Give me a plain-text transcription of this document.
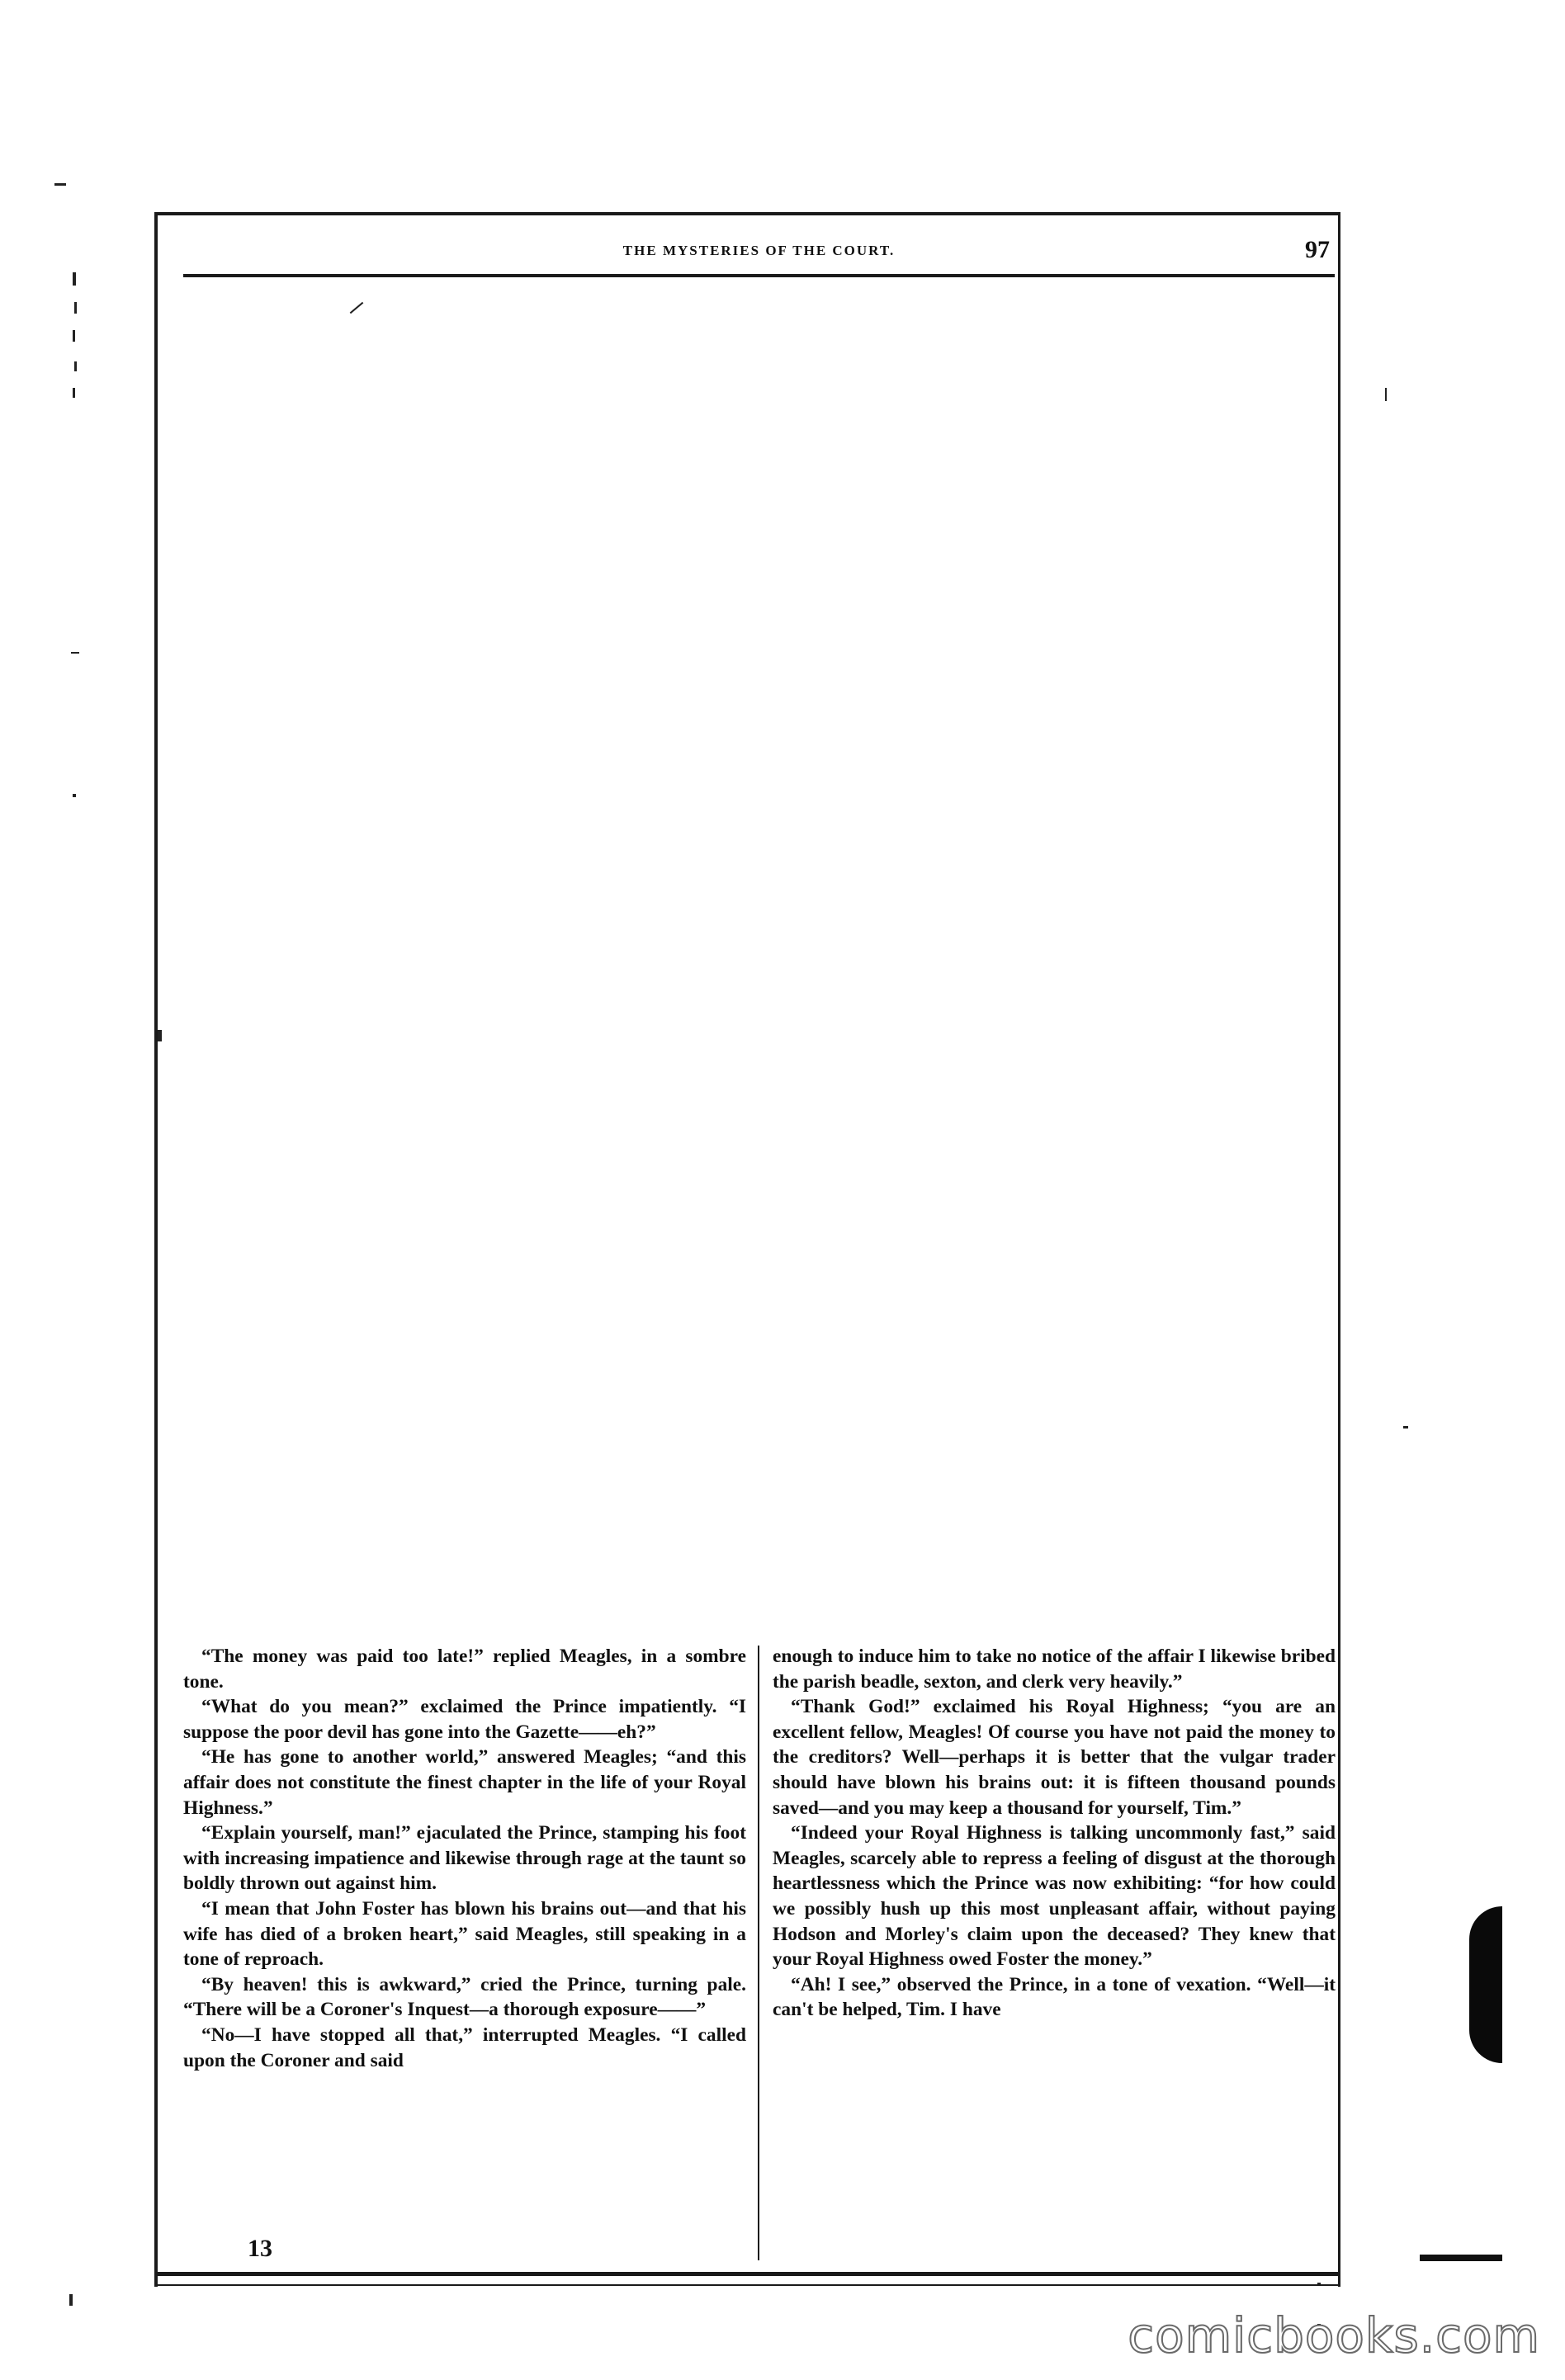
THE MYSTERIES OF THE COURT.	97

“The money was paid too late!” replied Meagles, in a sombre tone.

“What do you mean?” exclaimed the Prince impatiently. “I suppose the poor devil has gone into the Gazette——eh?”

“He has gone to another world,” answered Meagles; “and this affair does not constitute the finest chapter in the life of your Royal Highness.”

“Explain yourself, man!” ejaculated the Prince, stamping his foot with increasing impatience and likewise through rage at the taunt so boldly thrown out against him.

“I mean that John Foster has blown his brains out—and that his wife has died of a broken heart,” said Meagles, still speaking in a tone of reproach.

“By heaven! this is awkward,” cried the Prince, turning pale. “There will be a Coroner's Inquest—a thorough exposure——”

“No—I have stopped all that,” interrupted Meagles. “I called upon the Coroner and said

enough to induce him to take no notice of the affair I likewise bribed the parish beadle, sexton, and clerk very heavily.”

“Thank God!” exclaimed his Royal Highness; “you are an excellent fellow, Meagles! Of course you have not paid the money to the creditors? Well—perhaps it is better that the vulgar trader should have blown his brains out: it is fifteen thousand pounds saved—and you may keep a thousand for yourself, Tim.”

“Indeed your Royal Highness is talking uncommonly fast,” said Meagles, scarcely able to repress a feeling of disgust at the thorough heartlessness which the Prince was now exhibiting: “for how could we possibly hush up this most unpleasant affair, without paying Hodson and Morley's claim upon the deceased? They knew that your Royal Highness owed Foster the money.”

“Ah! I see,” observed the Prince, in a tone of vexation. “Well—it can't be helped, Tim. I have

13
comicbooks.com
